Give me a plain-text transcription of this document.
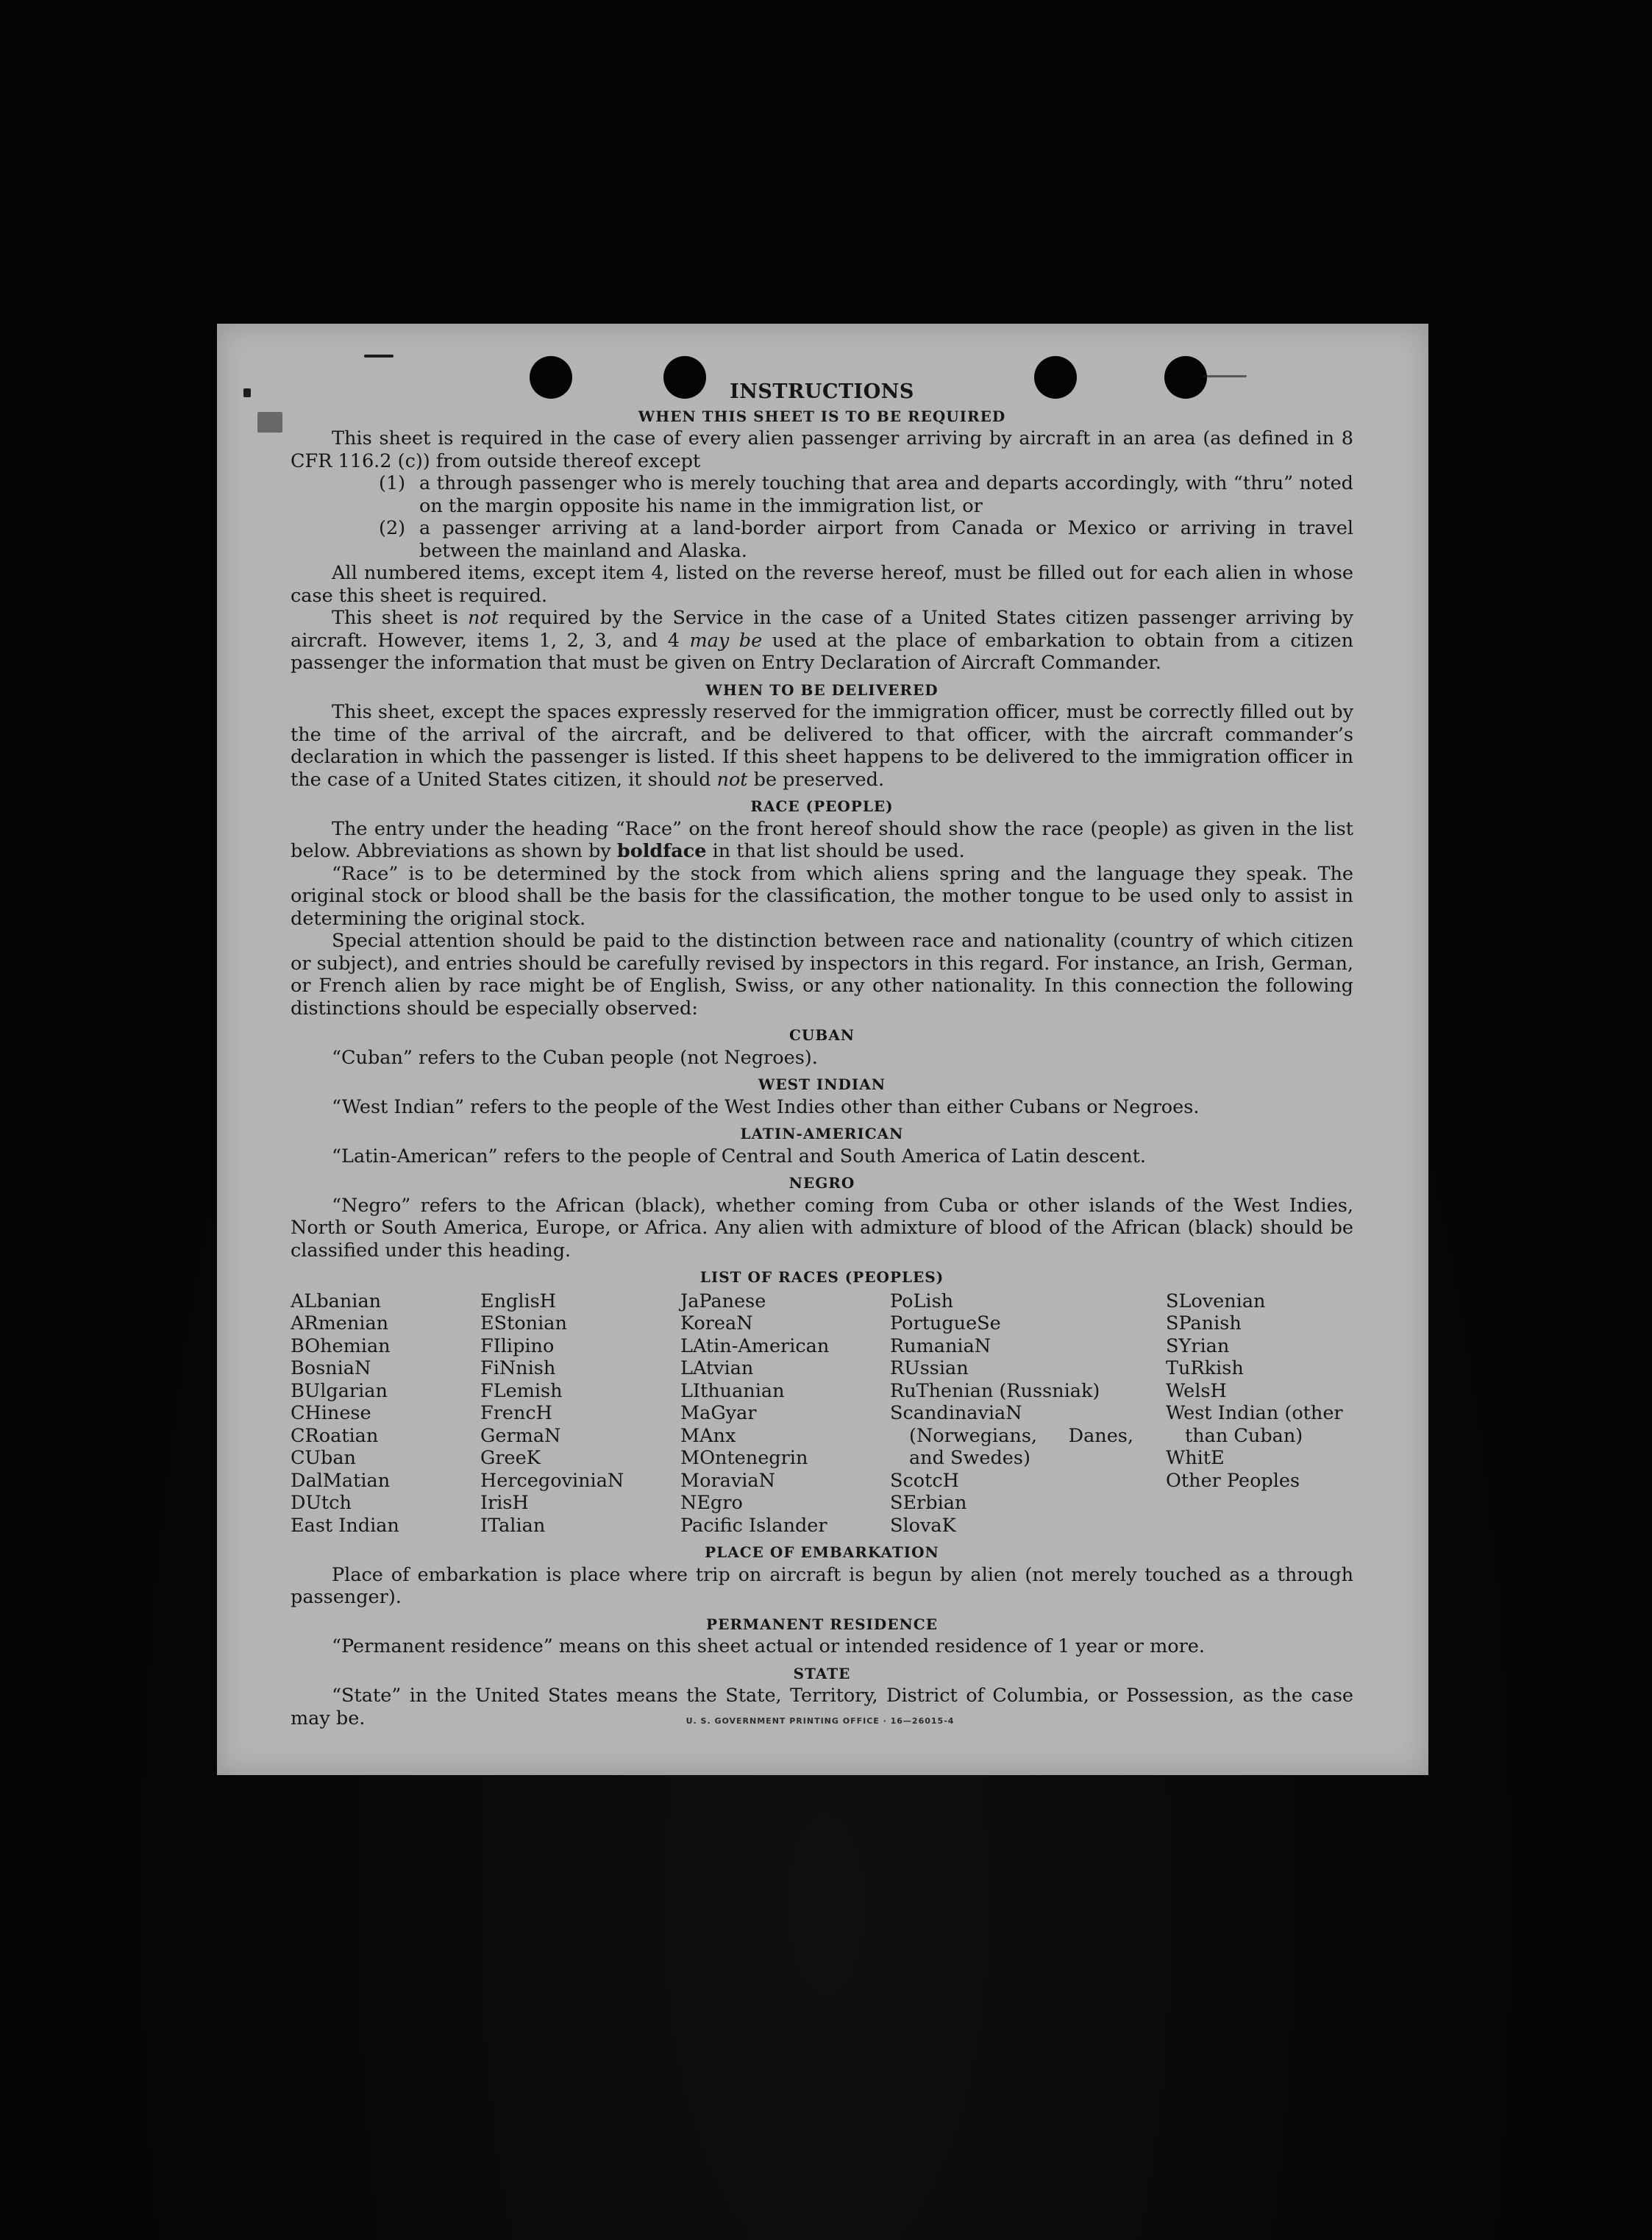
INSTRUCTIONS
WHEN THIS SHEET IS TO BE REQUIRED

This sheet is required in the case of every alien passenger arriving by aircraft in an area (as defined in 8 CFR 116.2 (c)) from outside thereof except

(1) a through passenger who is merely touching that area and departs accordingly, with “thru” noted on the margin opposite his name in the immigration list, or
(2) a passenger arriving at a land-border airport from Canada or Mexico or arriving in travel between the mainland and Alaska.

All numbered items, except item 4, listed on the reverse hereof, must be filled out for each alien in whose case this sheet is required.

This sheet is not required by the Service in the case of a United States citizen passenger arriving by aircraft. However, items 1, 2, 3, and 4 may be used at the place of embarkation to obtain from a citizen passenger the information that must be given on Entry Declaration of Aircraft Commander.

WHEN TO BE DELIVERED

This sheet, except the spaces expressly reserved for the immigration officer, must be correctly filled out by the time of the arrival of the aircraft, and be delivered to that officer, with the aircraft commander’s declaration in which the passenger is listed. If this sheet happens to be delivered to the immigration officer in the case of a United States citizen, it should not be preserved.

RACE (PEOPLE)

The entry under the heading “Race” on the front hereof should show the race (people) as given in the list below. Abbreviations as shown by boldface in that list should be used.

“Race” is to be determined by the stock from which aliens spring and the language they speak. The original stock or blood shall be the basis for the classification, the mother tongue to be used only to assist in determining the original stock.

Special attention should be paid to the distinction between race and nationality (country of which citizen or subject), and entries should be carefully revised by inspectors in this regard. For instance, an Irish, German, or French alien by race might be of English, Swiss, or any other nationality. In this connection the following distinctions should be especially observed:

CUBAN

“Cuban” refers to the Cuban people (not Negroes).

WEST INDIAN

“West Indian” refers to the people of the West Indies other than either Cubans or Negroes.

LATIN-AMERICAN

“Latin-American” refers to the people of Central and South America of Latin descent.

NEGRO

“Negro” refers to the African (black), whether coming from Cuba or other islands of the West Indies, North or South America, Europe, or Africa. Any alien with admixture of blood of the African (black) should be classified under this heading.

LIST OF RACES (PEOPLES)
ALbanian
ARmenian
BOhemian
BosniaN
BUlgarian
CHinese
CRoatian
CUban
DalMatian
DUtch
East Indian
EnglisH
EStonian
FIlipino
FiNnish
FLemish
FrencH
GermaN
GreeK
HercegoviniaN
IrisH
ITalian
JaPanese
KoreaN
LAtin-American
LAtvian
LIthuanian
MaGyar
MAnx
MOntenegrin
MoraviaN
NEgro
Pacific Islander
PoLish
PortugueSe
RumaniaN
RUssian
RuThenian (Russniak)
ScandinaviaN (Norwegians, Danes, and Swedes)
ScotcH
SErbian
SlovaK
SLovenian
SPanish
SYrian
TuRkish
WelsH
West Indian (other than Cuban)
WhitE
Other Peoples
PLACE OF EMBARKATION

Place of embarkation is place where trip on aircraft is begun by alien (not merely touched as a through passenger).

PERMANENT RESIDENCE

“Permanent residence” means on this sheet actual or intended residence of 1 year or more.

STATE

“State” in the United States means the State, Territory, District of Columbia, or Possession, as the case may be.	U. S. GOVERNMENT PRINTING OFFICE · 16—26015-4
